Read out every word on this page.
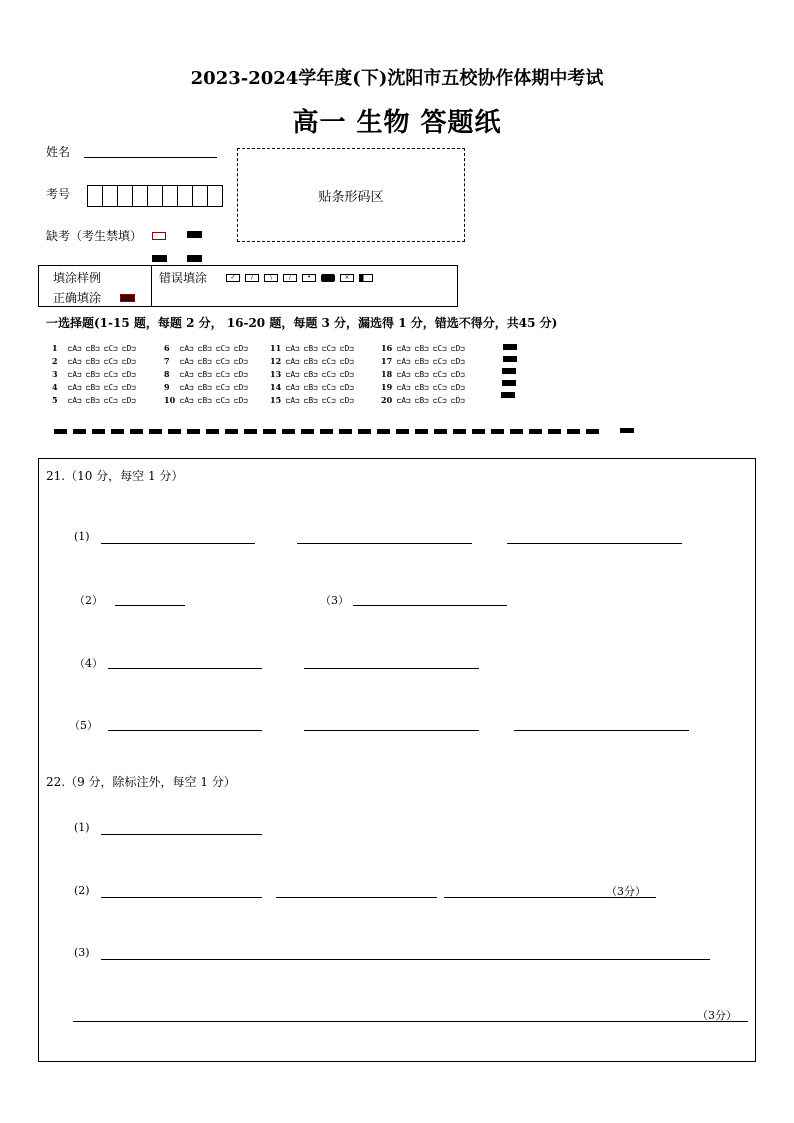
2023-2024学年度(下)沈阳市五校协作体期中考试
高一 生物 答题纸
姓名
考号	贴条形码区
缺考（考生禁填）
填涂样例
正确填涂
错误填涂	✓	/	\	/	•	×
一选择题(1-15 题，每题 2 分， 16-20 题，每题 3 分，漏选得 1 分，错选不得分，共45 分)
1 ⊏A⊐ ⊏B⊐ ⊏C⊐ ⊏D⊐
2 ⊏A⊐ ⊏B⊐ ⊏C⊐ ⊏D⊐
3 ⊏A⊐ ⊏B⊐ ⊏C⊐ ⊏D⊐
4 ⊏A⊐ ⊏B⊐ ⊏C⊐ ⊏D⊐
5 ⊏A⊐ ⊏B⊐ ⊏C⊐ ⊏D⊐
6 ⊏A⊐ ⊏B⊐ ⊏C⊐ ⊏D⊐
7 ⊏A⊐ ⊏B⊐ ⊏C⊐ ⊏D⊐
8 ⊏A⊐ ⊏B⊐ ⊏C⊐ ⊏D⊐
9 ⊏A⊐ ⊏B⊐ ⊏C⊐ ⊏D⊐
10 ⊏A⊐ ⊏B⊐ ⊏C⊐ ⊏D⊐
11 ⊏A⊐ ⊏B⊐ ⊏C⊐ ⊏D⊐
12 ⊏A⊐ ⊏B⊐ ⊏C⊐ ⊏D⊐
13 ⊏A⊐ ⊏B⊐ ⊏C⊐ ⊏D⊐
14 ⊏A⊐ ⊏B⊐ ⊏C⊐ ⊏D⊐
15 ⊏A⊐ ⊏B⊐ ⊏C⊐ ⊏D⊐
16 ⊏A⊐ ⊏B⊐ ⊏C⊐ ⊏D⊐
17 ⊏A⊐ ⊏B⊐ ⊏C⊐ ⊏D⊐
18 ⊏A⊐ ⊏B⊐ ⊏C⊐ ⊏D⊐
19 ⊏A⊐ ⊏B⊐ ⊏C⊐ ⊏D⊐
20 ⊏A⊐ ⊏B⊐ ⊏C⊐ ⊏D⊐
21.（10 分，每空 1 分）
(1)
（2）	（3）
（4）
（5）
22.（9 分，除标注外，每空 1 分）
(1)
(2)	（3分）
(3)
（3分）
